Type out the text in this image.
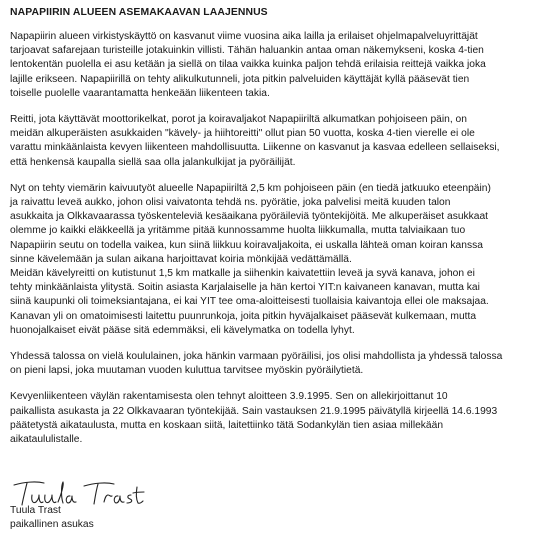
NAPAPIIRIN ALUEEN ASEMAKAAVAN LAAJENNUS

Napapiirin alueen virkistyskäyttö on kasvanut viime vuosina aika lailla ja erilaiset ohjelmapalveluyrittäjät
tarjoavat safarejaan turisteille jotakuinkin villisti. Tähän haluankin antaa oman näkemykseni, koska 4-tien
lentokentän puolella ei asu ketään ja siellä on tilaa vaikka kuinka paljon tehdä erilaisia reittejä vaikka joka
lajille erikseen. Napapiirillä on tehty alikulkutunneli, jota pitkin palveluiden käyttäjät kyllä pääsevät tien
toiselle puolelle vaarantamatta henkeään liikenteen takia.

Reitti, jota käyttävät moottorikelkat, porot ja koiravaljakot Napapiiriltä alkumatkan pohjoiseen päin, on
meidän alkuperäisten asukkaiden "kävely- ja hiihtoreitti" ollut pian 50 vuotta, koska 4-tien vierelle ei ole
varattu minkäänlaista kevyen liikenteen mahdollisuutta. Liikenne on kasvanut ja kasvaa edelleen sellaiseksi,
että henkensä kaupalla siellä saa olla jalankulkijat ja pyöräilijät.

Nyt on tehty viemärin kaivuutyöt alueelle Napapiiriltä 2,5 km pohjoiseen päin (en tiedä jatkuuko eteenpäin)
ja raivattu leveä aukko, johon olisi vaivatonta tehdä ns. pyörätie, joka palvelisi meitä kuuden talon
asukkaita ja Olkkavaarassa työskenteleviä kesäaikana pyöräileviä työntekijöitä. Me alkuperäiset asukkaat
olemme jo kaikki eläkkeellä ja yritämme pitää kunnossamme huolta liikkumalla, mutta talviaikaan tuo
Napapiirin seutu on todella vaikea, kun siinä liikkuu koiravaljakoita, ei uskalla lähteä oman koiran kanssa
sinne kävelemään ja sulan aikana harjoittavat koiria mönkijää vedättämällä.

Meidän kävelyreitti on kutistunut 1,5 km matkalle ja siihenkin kaivatettiin leveä ja syvä kanava, johon ei
tehty minkäänlaista ylitystä. Soitin asiasta Karjalaiselle ja hän kertoi YIT:n kaivaneen kanavan, mutta kai
siinä kaupunki oli toimeksiantajana, ei kai YIT tee oma-aloitteisesti tuollaisia kaivantoja ellei ole maksajaa.
Kanavan yli on omatoimisesti laitettu puunrunkoja, joita pitkin hyväjalkaiset pääsevät kulkemaan, mutta
huonojalkaiset eivät pääse sitä edemmäksi, eli kävelymatka on todella lyhyt.

Yhdessä talossa on vielä koululainen, joka hänkin varmaan pyöräilisi, jos olisi mahdollista ja yhdessä talossa
on pieni lapsi, joka muutaman vuoden kuluttua tarvitsee myöskin pyöräilytietä.

Kevyenliikenteen väylän rakentamisesta olen tehnyt aloitteen 3.9.1995. Sen on allekirjoittanut 10
paikallista asukasta ja 22 Olkkavaaran työntekijää. Sain vastauksen 21.9.1995 päivätyllä kirjeellä 14.6.1993
päätetystä aikataulusta, mutta en koskaan siitä, laitettiinko tätä Sodankylän tien asiaa millekään
aikataululistalle.

Tuula Trast
paikallinen asukas
